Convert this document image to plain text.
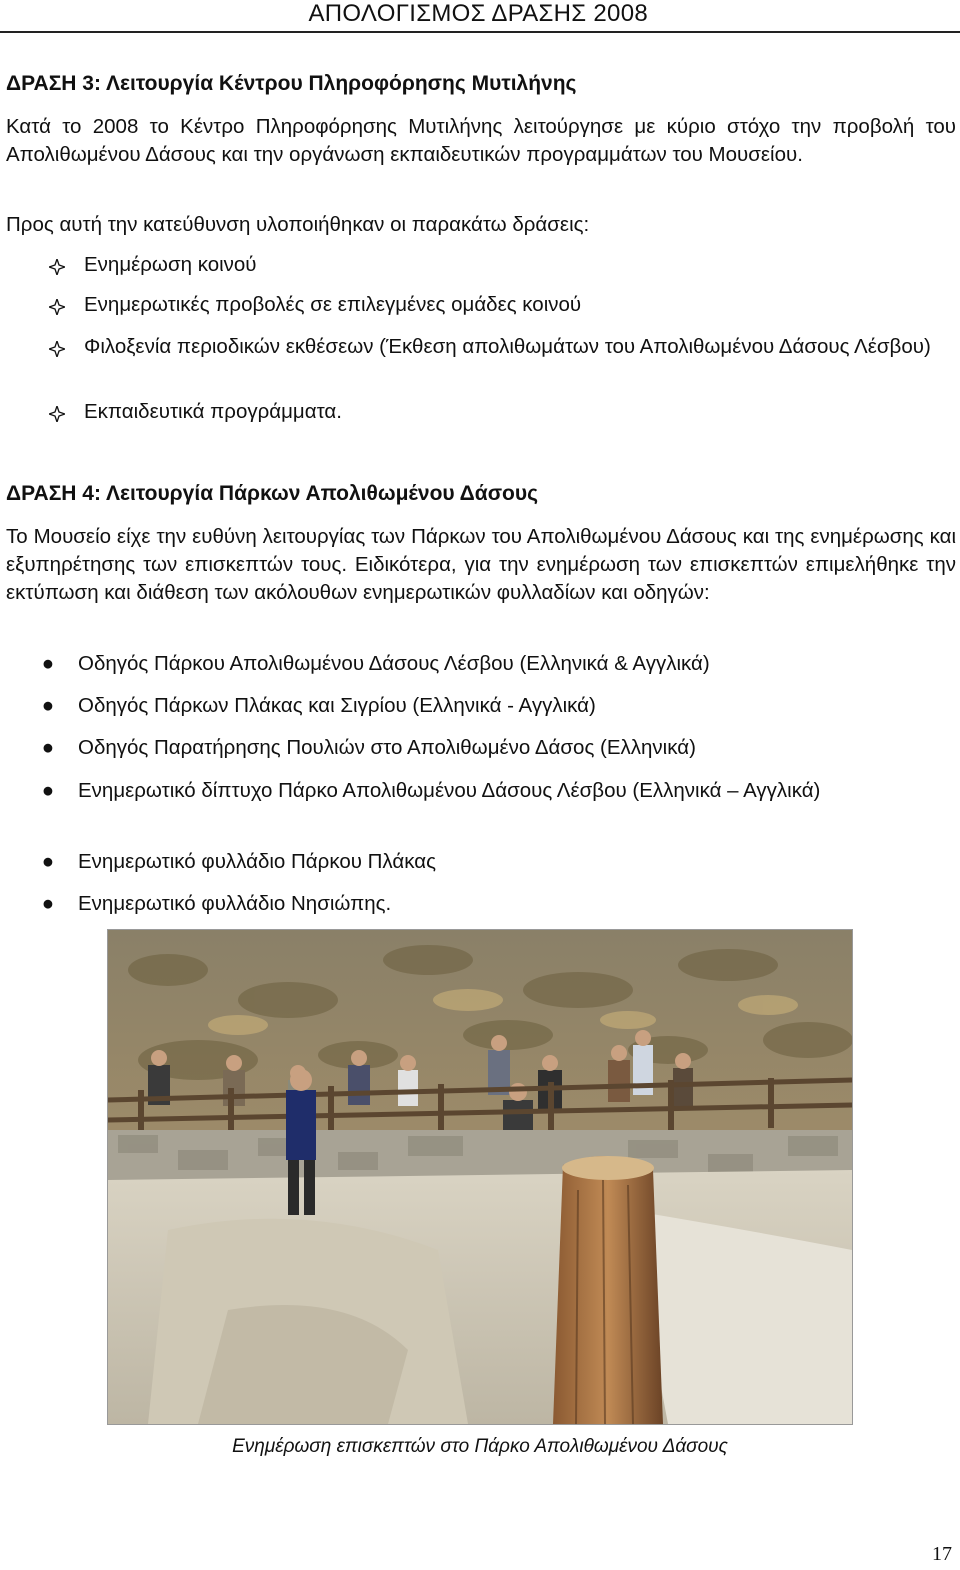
ΑΠΟΛΟΓΙΣΜΟΣ ΔΡΑΣΗΣ 2008
ΔΡΑΣΗ 3: Λειτουργία Κέντρου Πληροφόρησης Μυτιλήνης
Κατά το 2008 το Κέντρο Πληροφόρησης Μυτιλήνης λειτούργησε με κύριο στόχο την προβολή του Απολιθωμένου Δάσους και την οργάνωση εκπαιδευτικών προγραμμάτων του Μουσείου.
Προς αυτή την κατεύθυνση υλοποιήθηκαν οι παρακάτω δράσεις:
Ενημέρωση κοινού
Ενημερωτικές προβολές σε επιλεγμένες ομάδες κοινού
Φιλοξενία περιοδικών εκθέσεων (Έκθεση απολιθωμάτων του Απολιθωμένου Δάσους Λέσβου)
Εκπαιδευτικά προγράμματα.
ΔΡΑΣΗ 4: Λειτουργία Πάρκων Απολιθωμένου Δάσους
Το Μουσείο είχε την ευθύνη λειτουργίας των Πάρκων του Απολιθωμένου Δάσους και της ενημέρωσης και εξυπηρέτησης των επισκεπτών τους. Ειδικότερα, για την ενημέρωση των επισκεπτών επιμελήθηκε την εκτύπωση και διάθεση των ακόλουθων ενημερωτικών φυλλαδίων και οδηγών:
● Οδηγός Πάρκου Απολιθωμένου Δάσους Λέσβου (Ελληνικά & Αγγλικά)
● Οδηγός Πάρκων Πλάκας και Σιγρίου (Ελληνικά - Αγγλικά)
● Οδηγός Παρατήρησης Πουλιών στο Απολιθωμένο Δάσος (Ελληνικά)
● Ενημερωτικό δίπτυχο Πάρκο Απολιθωμένου Δάσους Λέσβου (Ελληνικά – Αγγλικά)
● Ενημερωτικό φυλλάδιο Πάρκου Πλάκας
● Ενημερωτικό φυλλάδιο Νησιώπης.
Ενημέρωση επισκεπτών στο Πάρκο Απολιθωμένου Δάσους
17
